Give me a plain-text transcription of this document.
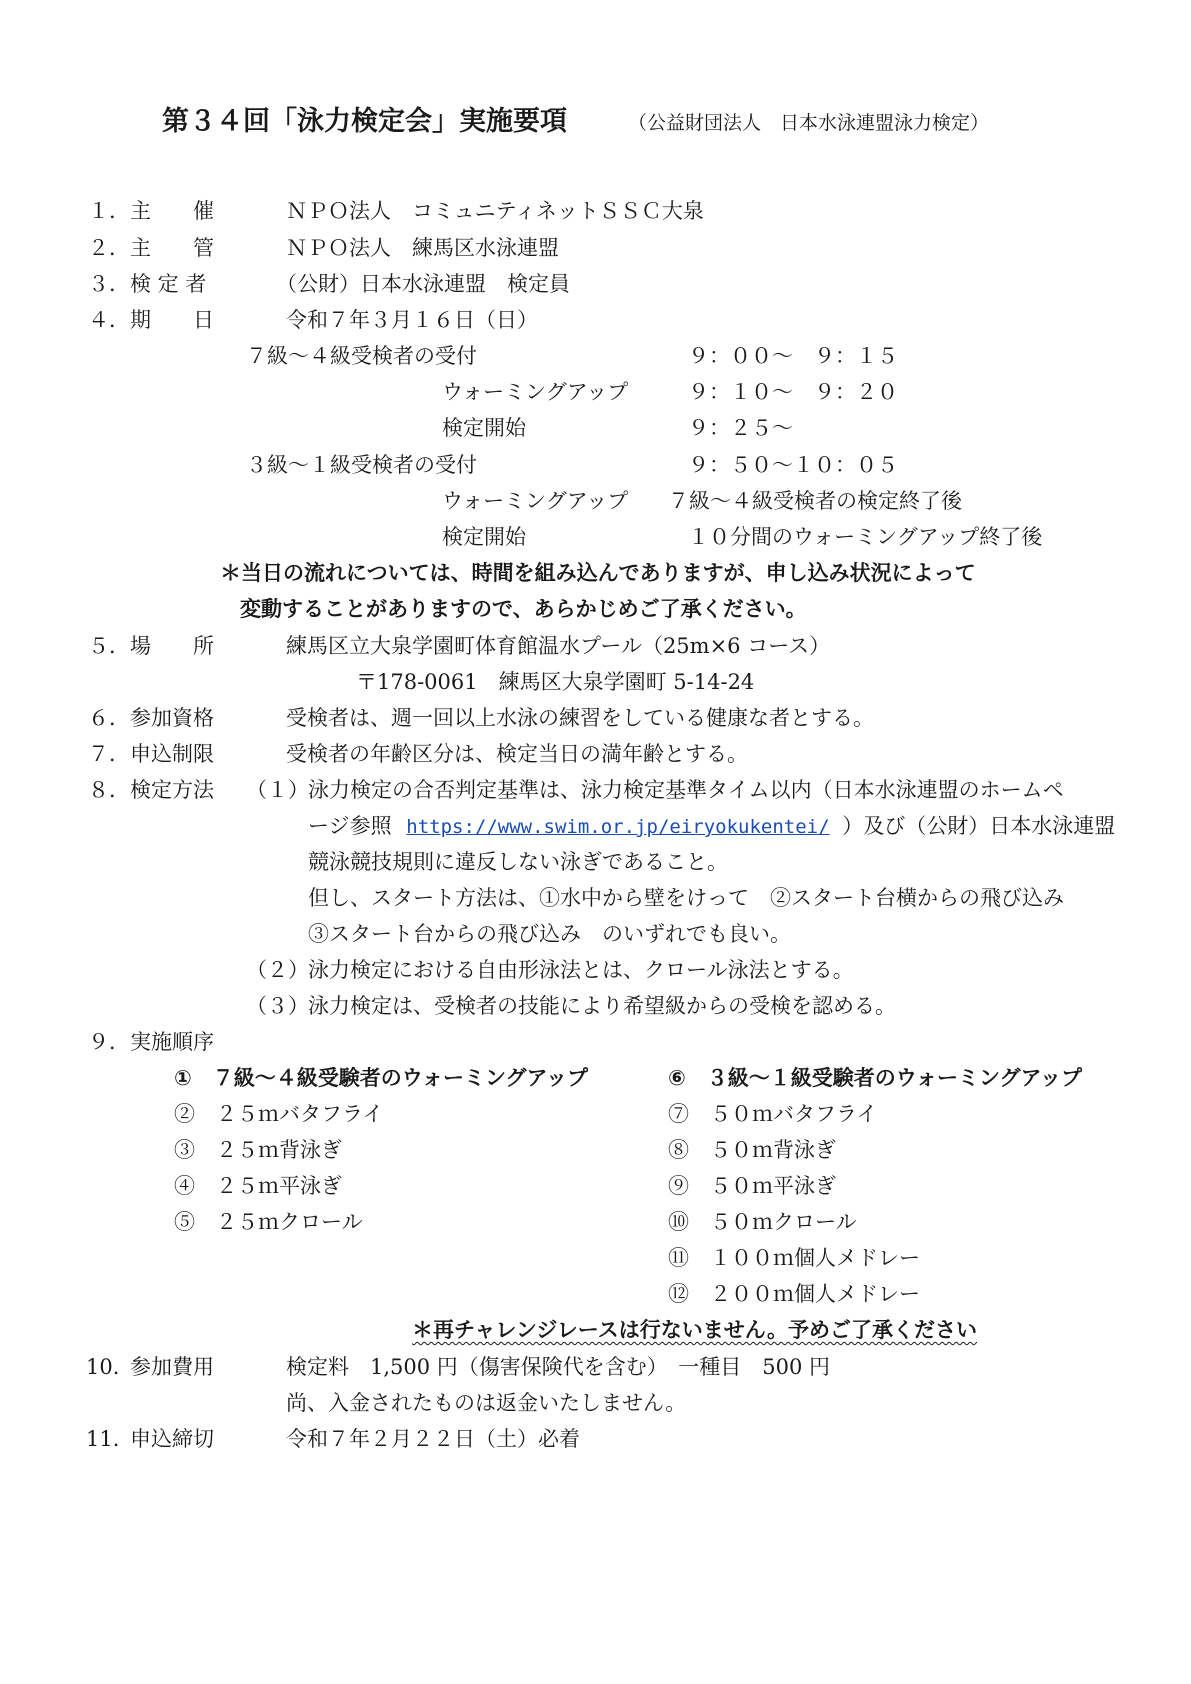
第３４回「泳力検定会」実施要項	（公益財団法人　日本水泳連盟泳力検定）
１． 主　　催	ＮＰＯ法人　コミュニティネットＳＳＣ大泉
２． 主　　管	ＮＰＯ法人　練馬区水泳連盟
３． 検 定 者	（公財）日本水泳連盟　検定員
４． 期　　日	令和７年３月１６日（日）
７級～４級受検者の受付	９：００～　９：１５
ウォーミングアップ	９：１０～　９：２０
検定開始	９：２５～
３級～１級受検者の受付	９：５０～１０：０５
ウォーミングアップ ７級～４級受検者の検定終了後
検定開始	１０分間のウォーミングアップ終了後
＊当日の流れについては、時間を組み込んでありますが、申し込み状況によって
変動することがありますので、あらかじめご了承ください。
５． 場　　所	練馬区立大泉学園町体育館温水プール（25m×6 コース）
〒178-0061　練馬区大泉学園町 5-14-24
６． 参加資格	受検者は、週一回以上水泳の練習をしている健康な者とする。
７． 申込制限	受検者の年齢区分は、検定当日の満年齢とする。
８． 検定方法 （１） 泳力検定の合否判定基準は、泳力検定基準タイム以内（日本水泳連盟のホームペ
ージ参照 https://www.swim.or.jp/eiryokukentei/ ）及び（公財）日本水泳連盟
競泳競技規則に違反しない泳ぎであること。
但し、スタート方法は、①水中から壁をけって　②スタート台横からの飛び込み
③スタート台からの飛び込み　のいずれでも良い。
（２） 泳力検定における自由形泳法とは、クロール泳法とする。
（３） 泳力検定は、受検者の技能により希望級からの受検を認める。
９． 実施順序
①　７級～４級受験者のウォーミングアップ
②　２５ｍバタフライ
③　２５ｍ背泳ぎ
④　２５ｍ平泳ぎ
⑤　２５ｍクロール
⑥　３級～１級受験者のウォーミングアップ
⑦　５０ｍバタフライ
⑧　５０ｍ背泳ぎ
⑨　５０ｍ平泳ぎ
⑩　５０ｍクロール
⑪　１００ｍ個人メドレー
⑫　２００ｍ個人メドレー
＊再チャレンジレースは行ないません。予めご了承ください
10. 参加費用	検定料　1,500 円（傷害保険代を含む）　一種目　500 円
尚、入金されたものは返金いたしません。
11. 申込締切	令和７年２月２２日（土）必着
